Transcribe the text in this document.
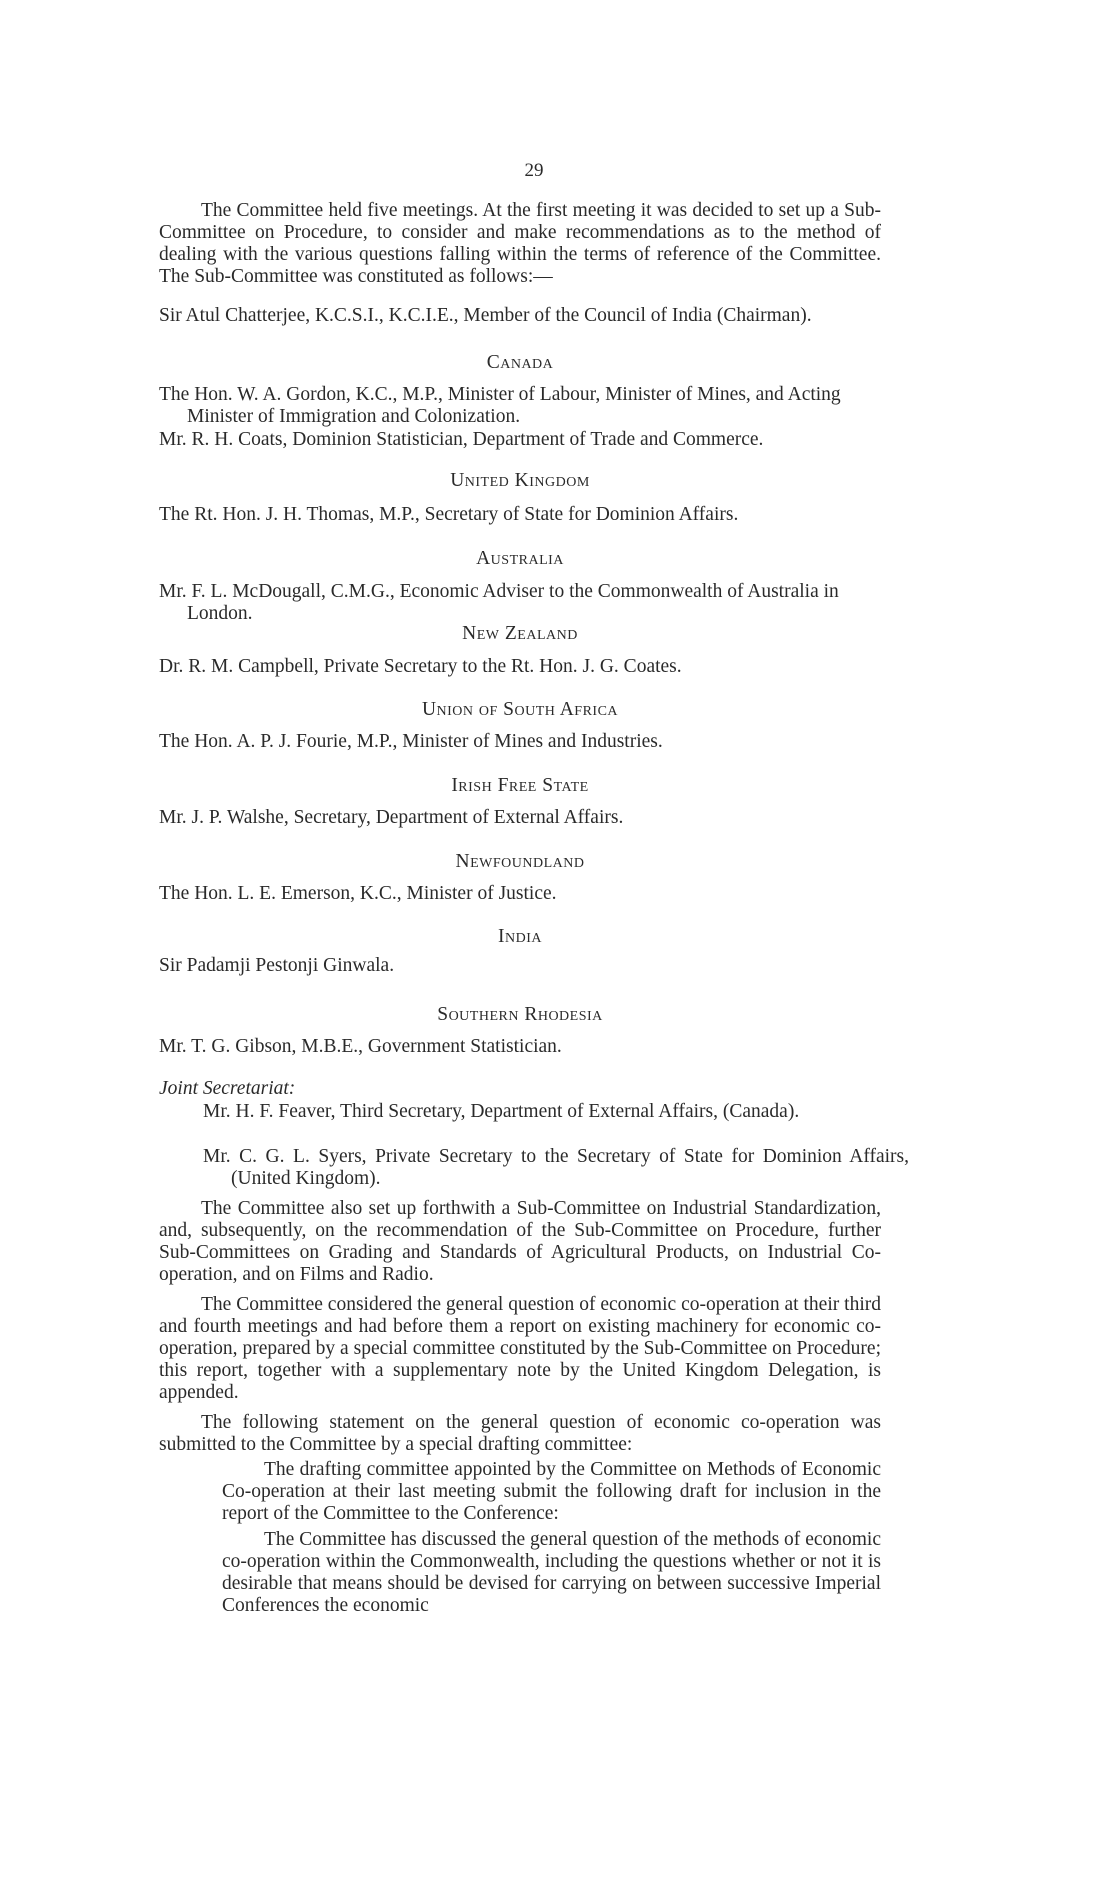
29

The Committee held five meetings. At the first meeting it was decided to set up a Sub-Committee on Procedure, to consider and make recommendations as to the method of dealing with the various questions falling within the terms of reference of the Committee. The Sub-Committee was constituted as follows:—

Sir Atul Chatterjee, K.C.S.I., K.C.I.E., Member of the Council of India (Chairman).

Canada

The Hon. W. A. Gordon, K.C., M.P., Minister of Labour, Minister of Mines, and Acting Minister of Immigration and Colonization.

Mr. R. H. Coats, Dominion Statistician, Department of Trade and Commerce.

United Kingdom

The Rt. Hon. J. H. Thomas, M.P., Secretary of State for Dominion Affairs.

Australia

Mr. F. L. McDougall, C.M.G., Economic Adviser to the Commonwealth of Australia in London.

New Zealand

Dr. R. M. Campbell, Private Secretary to the Rt. Hon. J. G. Coates.

Union of South Africa

The Hon. A. P. J. Fourie, M.P., Minister of Mines and Industries.

Irish Free State

Mr. J. P. Walshe, Secretary, Department of External Affairs.

Newfoundland

The Hon. L. E. Emerson, K.C., Minister of Justice.

India

Sir Padamji Pestonji Ginwala.

Southern Rhodesia

Mr. T. G. Gibson, M.B.E., Government Statistician.

Joint Secretariat:

Mr. H. F. Feaver, Third Secretary, Department of External Affairs, (Canada).

Mr. C. G. L. Syers, Private Secretary to the Secretary of State for Dominion Affairs, (United Kingdom).

The Committee also set up forthwith a Sub-Committee on Industrial Standardization, and, subsequently, on the recommendation of the Sub-Committee on Procedure, further Sub-Committees on Grading and Standards of Agricultural Products, on Industrial Co-operation, and on Films and Radio.

The Committee considered the general question of economic co-operation at their third and fourth meetings and had before them a report on existing machinery for economic co-operation, prepared by a special committee constituted by the Sub-Committee on Procedure; this report, together with a supplementary note by the United Kingdom Delegation, is appended.

The following statement on the general question of economic co-operation was submitted to the Committee by a special drafting committee:

The drafting committee appointed by the Committee on Methods of Economic Co-operation at their last meeting submit the following draft for inclusion in the report of the Committee to the Conference:

The Committee has discussed the general question of the methods of economic co-operation within the Commonwealth, including the questions whether or not it is desirable that means should be devised for carrying on between successive Imperial Conferences the economic
